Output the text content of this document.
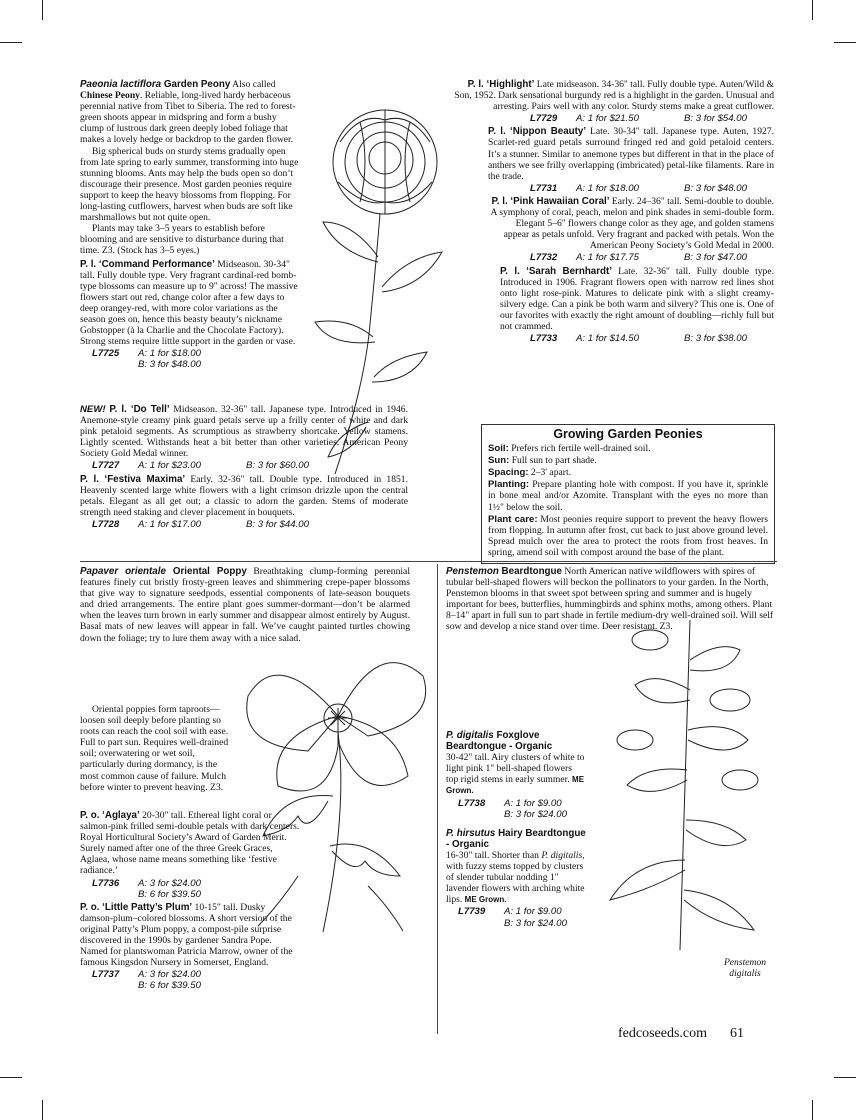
Paeonia lactiflora Garden Peony Also called Chinese Peony. Reliable, long-lived hardy herbaceous perennial native from Tibet to Siberia. The red to forest-green shoots appear in midspring and form a bushy clump of lustrous dark green deeply lobed foliage that makes a lovely hedge or backdrop to the garden flower.

Big spherical buds on sturdy stems gradually open from late spring to early summer, transforming into huge stunning blooms. Ants may help the buds open so don’t discourage their presence. Most garden peonies require support to keep the heavy blossoms from flopping. For long-lasting cutflowers, harvest when buds are soft like marshmallows but not quite open.

Plants may take 3–5 years to establish before blooming and are sensitive to disturbance during that time. Z3. (Stock has 3–5 eyes.)

P. l. ‘Command Performance’ Midseason. 30-34" tall. Fully double type. Very fragrant cardinal-red bomb-type blossoms can measure up to 9" across! The massive flowers start out red, change color after a few days to deep orangey-red, with more color variations as the season goes on, hence this beasty beauty’s nickname Gobstopper (à la Charlie and the Chocolate Factory). Strong stems require little support in the garden or vase.

L7725 A: 1 for $18.00
B: 3 for $48.00

NEW! P. l. ‘Do Tell’ Midseason. 32-36" tall. Japanese type. Introduced in 1946. Anemone-style creamy pink guard petals serve up a frilly center of white and dark pink petaloid segments. As scrumptious as strawberry shortcake. Yellow stamens. Lightly scented. Withstands heat a bit better than other varieties. American Peony Society Gold Medal winner.

L7727 A: 1 for $23.00	B: 3 for $60.00

P. l. ‘Festiva Maxima’ Early. 32-36" tall. Double type. Introduced in 1851. Heavenly scented large white flowers with a light crimson drizzle upon the central petals. Elegant as all get out; a classic to adorn the garden. Stems of moderate strength need staking and clever placement in bouquets.

L7728 A: 1 for $17.00	B: 3 for $44.00

P. l. ‘Highlight’ Late midseason. 34-36" tall. Fully double type. Auten/Wild & Son, 1952. Dark sensational burgundy red is a highlight in the garden. Unusual and arresting. Pairs well with any color. Sturdy stems make a great cutflower.

L7729 A: 1 for $21.50	B: 3 for $54.00

P. l. ‘Nippon Beauty’ Late. 30-34" tall. Japanese type. Auten, 1927. Scarlet-red guard petals surround fringed red and gold petaloid centers. It’s a stunner. Similar to anemone types but different in that in the place of anthers we see frilly overlapping (imbricated) petal-like filaments. Rare in the trade.

L7731 A: 1 for $18.00	B: 3 for $48.00

P. l. ‘Pink Hawaiian Coral’ Early. 24–36" tall. Semi-double to double. A symphony of coral, peach, melon and pink shades in semi-double form. Elegant 5–6" flowers change color as they age, and golden stamens appear as petals unfold. Very fragrant and packed with petals. Won the American Peony Society’s Gold Medal in 2000.

L7732 A: 1 for $17.75	B: 3 for $47.00

P. l. ‘Sarah Bernhardt’ Late. 32-36" tall. Fully double type. Introduced in 1906. Fragrant flowers open with narrow red lines shot onto light rose-pink. Matures to delicate pink with a slight creamy-silvery edge. Can a pink be both warm and silvery? This one is. One of our favorites with exactly the right amount of doubling—richly full but not crammed.

L7733 A: 1 for $14.50	B: 3 for $38.00
Growing Garden Peonies

Soil: Prefers rich fertile well-drained soil.

Sun: Full sun to part shade.

Spacing: 2–3' apart.

Planting: Prepare planting hole with compost. If you have it, sprinkle in bone meal and/or Azomite. Transplant with the eyes no more than 1½" below the soil.

Plant care: Most peonies require support to prevent the heavy flowers from flopping. In autumn after frost, cut back to just above ground level. Spread mulch over the area to protect the roots from frost heaves. In spring, amend soil with compost around the base of the plant.

Papaver orientale Oriental Poppy Breathtaking clump-forming perennial features finely cut bristly frosty-green leaves and shimmering crepe-paper blossoms that give way to signature seedpods, essential components of late-season bouquets and dried arrangements. The entire plant goes summer-dormant—don’t be alarmed when the leaves turn brown in early summer and disappear almost entirely by August. Basal mats of new leaves will appear in fall. We’ve caught painted turtles chowing down the foliage; try to lure them away with a nice salad.

Oriental poppies form taproots—loosen soil deeply before planting so roots can reach the cool soil with ease. Full to part sun. Requires well-drained soil; overwatering or wet soil, particularly during dormancy, is the most common cause of failure. Mulch before winter to prevent heaving. Z3.

P. o. ‘Aglaya’ 20-30" tall. Ethereal light coral or salmon-pink frilled semi-double petals with dark centers. Royal Horticultural Society’s Award of Garden Merit. Surely named after one of the three Greek Graces, Aglaea, whose name means something like ‘festive radiance.’

L7736 A: 3 for $24.00
B: 6 for $39.50

P. o. ‘Little Patty’s Plum’ 10-15" tall. Dusky damson-plum–colored blossoms. A short version of the original Patty’s Plum poppy, a compost-pile surprise discovered in the 1990s by gardener Sandra Pope. Named for plantswoman Patricia Marrow, owner of the famous Kingsdon Nursery in Somerset, England.

L7737 A: 3 for $24.00
B: 6 for $39.50

Penstemon Beardtongue North American native wildflowers with spires of tubular bell-shaped flowers will beckon the pollinators to your garden. In the North, Penstemon blooms in that sweet spot between spring and summer and is hugely important for bees, butterflies, hummingbirds and sphinx moths, among others. Plant 8–14" apart in full sun to part shade in fertile medium-dry well-drained soil. Will self sow and develop a nice stand over time. Deer resistant. Z3.

P. digitalis Foxglove Beardtongue - Organic

30-42" tall. Airy clusters of white to light pink 1" bell-shaped flowers top rigid stems in early summer. ME Grown.

L7738 A: 1 for $9.00
B: 3 for $24.00

P. hirsutus Hairy Beardtongue - Organic

16-30" tall. Shorter than P. digitalis, with fuzzy stems topped by clusters of slender tubular nodding 1" lavender flowers with arching white lips. ME Grown.

L7739 A: 1 for $9.00
B: 3 for $24.00
Penstemon
digitalis
fedcoseeds.com 61
